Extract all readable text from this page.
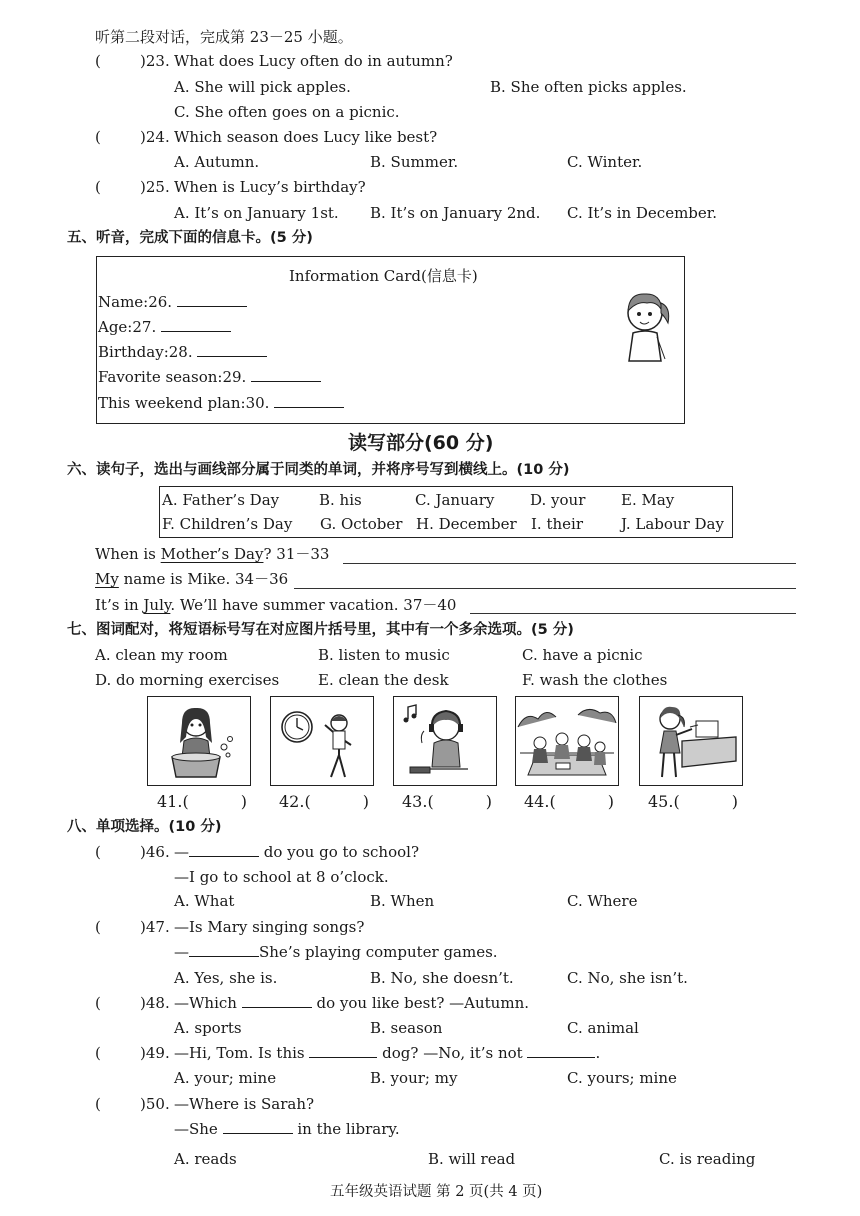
听第二段对话，完成第 23－25 小题。
( )23. What does Lucy often do in autumn?
A. She will pick apples.	B. She often picks apples.
C. She often goes on a picnic.
( )24. Which season does Lucy like best?
A. Autumn.	B. Summer.	C. Winter.
( )25. When is Lucy’s birthday?
A. It’s on January 1st. B. It’s on January 2nd. C. It’s in December.
五、听音，完成下面的信息卡。(5 分)
Information Card(信息卡)
Name:26.
Age:27.
Birthday:28.
Favorite season:29.
This weekend plan:30.
读写部分(60 分)
六、读句子，选出与画线部分属于同类的单词，并将序号写到横线上。(10 分)
A. Father’s Day	B. his	C. January D. your E. May
F. Children’s Day G. October H. December I. their	J. Labour Day
When is Mother’s Day? 31－33
My name is Mike. 34－36
It’s in July. We’ll have summer vacation. 37－40
七、图词配对，将短语标号写在对应图片括号里，其中有一个多余选项。(5 分)
A. clean my room	B. listen to music	C. have a picnic
D. do morning exercises	E. clean the desk	F. wash the clothes
41.(	) 42.(	) 43.(	) 44.(	) 45.(	)
八、单项选择。(10 分)
( )46. —	do you go to school?
—I go to school at 8 o’clock.
A. What	B. When	C. Where
( )47. —Is Mary singing songs?
—	She’s playing computer games.
A. Yes, she is.	B. No, she doesn’t.	C. No, she isn’t.
( )48. —Which	do you like best? —Autumn.
A. sports	B. season	C. animal
( )49. —Hi, Tom. Is this	dog? —No, it’s not	.
A. your; mine	B. your; my	C. yours; mine
( )50. —Where is Sarah?
—She	in the library.
A. reads	B. will read	C. is reading
五年级英语试题 第 2 页(共 4 页)
